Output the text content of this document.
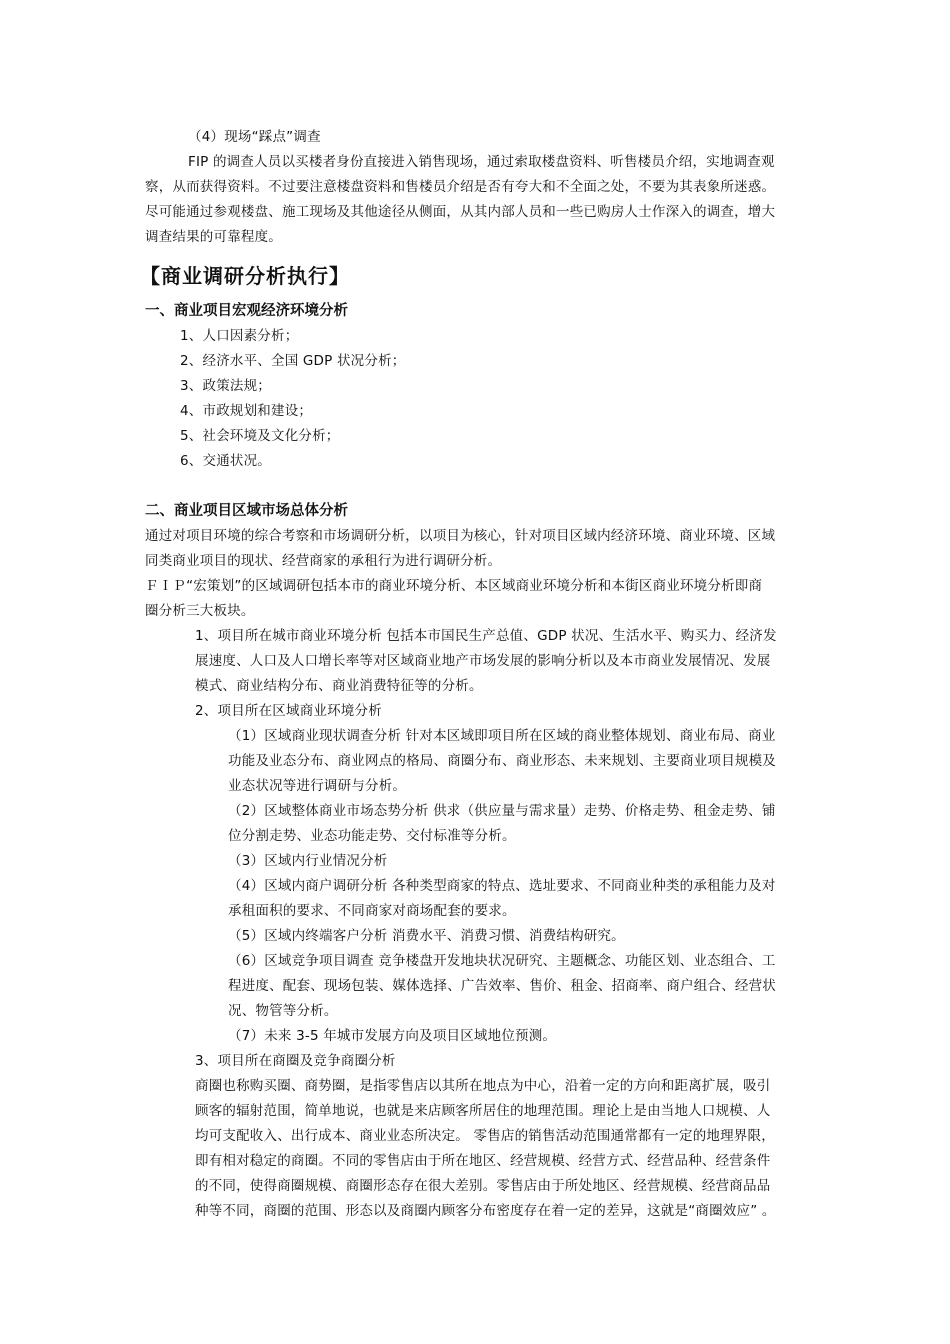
（4）现场“踩点”调查
FIP 的调查人员以买楼者身份直接进入销售现场，通过索取楼盘资料、听售楼员介绍，实地调查观
察，从而获得资料。不过要注意楼盘资料和售楼员介绍是否有夸大和不全面之处，不要为其表象所迷惑。
尽可能通过参观楼盘、施工现场及其他途径从侧面，从其内部人员和一些已购房人士作深入的调查，增大
调查结果的可靠程度。
【商业调研分析执行】
一、商业项目宏观经济环境分析
1、人口因素分析；
2、经济水平、全国 GDP 状况分析；
3、政策法规；
4、市政规划和建设；
5、社会环境及文化分析；
6、交通状况。
二、商业项目区域市场总体分析
通过对项目环境的综合考察和市场调研分析，以项目为核心，针对项目区域内经济环境、商业环境、区域
同类商业项目的现状、经营商家的承租行为进行调研分析。
ＦＩＰ“宏策划”的区域调研包括本市的商业环境分析、本区域商业环境分析和本街区商业环境分析即商
圈分析三大板块。
1、项目所在城市商业环境分析 包括本市国民生产总值、GDP 状况、生活水平、购买力、经济发
展速度、人口及人口增长率等对区域商业地产市场发展的影响分析以及本市商业发展情况、发展
模式、商业结构分布、商业消费特征等的分析。
2、项目所在区域商业环境分析
（1）区域商业现状调查分析 针对本区域即项目所在区域的商业整体规划、商业布局、商业
功能及业态分布、商业网点的格局、商圈分布、商业形态、未来规划、主要商业项目规模及
业态状况等进行调研与分析。
（2）区域整体商业市场态势分析 供求（供应量与需求量）走势、价格走势、租金走势、铺
位分割走势、业态功能走势、交付标准等分析。
（3）区域内行业情况分析
（4）区域内商户调研分析 各种类型商家的特点、选址要求、不同商业种类的承租能力及对
承租面积的要求、不同商家对商场配套的要求。
（5）区域内终端客户分析 消费水平、消费习惯、消费结构研究。
（6）区域竞争项目调查 竞争楼盘开发地块状况研究、主题概念、功能区划、业态组合、工
程进度、配套、现场包装、媒体选择、广告效率、售价、租金、招商率、商户组合、经营状
况、物管等分析。
（7）未来 3-5 年城市发展方向及项目区域地位预测。
3、项目所在商圈及竞争商圈分析
商圈也称购买圈、商势圈，是指零售店以其所在地点为中心，沿着一定的方向和距离扩展，吸引
顾客的辐射范围，简单地说，也就是来店顾客所居住的地理范围。理论上是由当地人口规模、人
均可支配收入、出行成本、商业业态所决定。 零售店的销售活动范围通常都有一定的地理界限，
即有相对稳定的商圈。不同的零售店由于所在地区、经营规模、经营方式、经营品种、经营条件
的不同，使得商圈规模、商圈形态存在很大差别。零售店由于所处地区、经营规模、经营商品品
种等不同，商圈的范围、形态以及商圈内顾客分布密度存在着一定的差异，这就是“商圈效应” 。
